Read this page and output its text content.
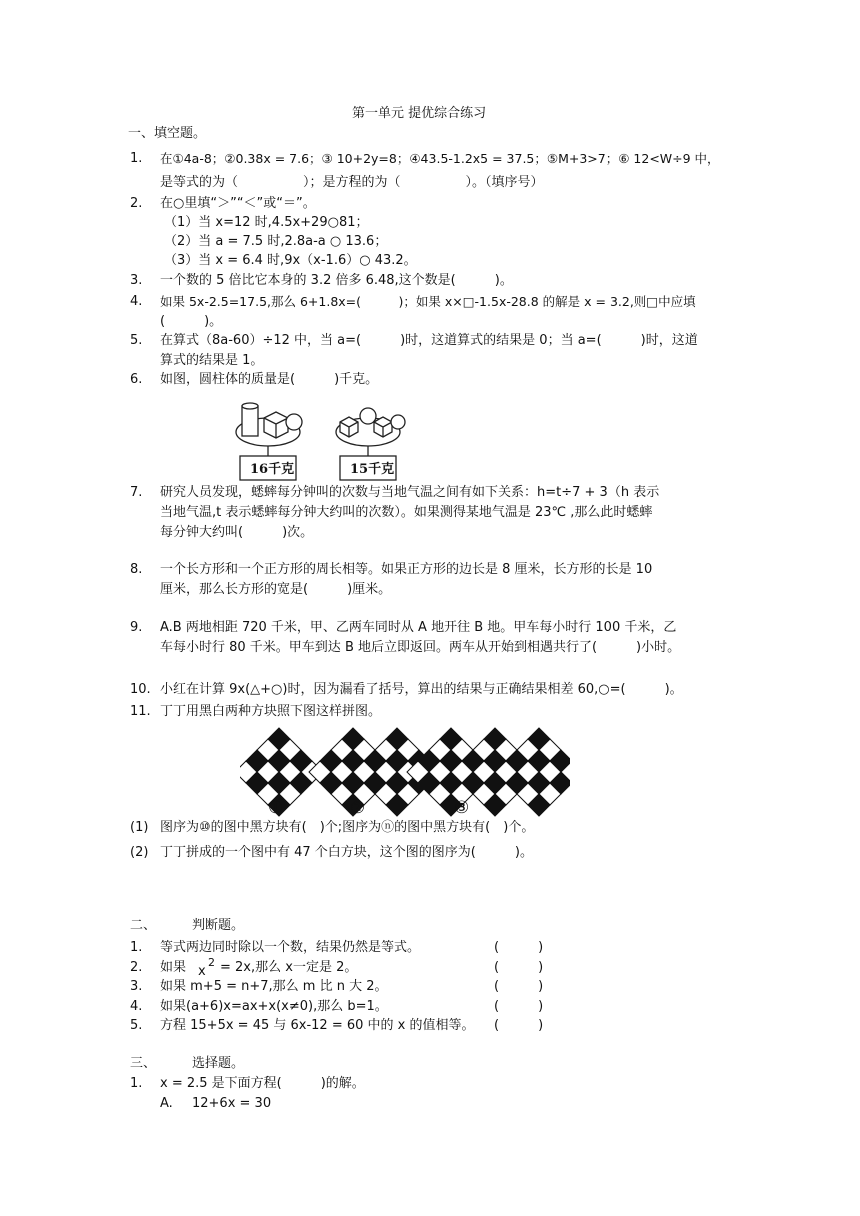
第一单元 提优综合练习
一、填空题。
1. 在①4a-8；②0.38x = 7.6；③ 10+2y=8；④43.5-1.2x5 = 37.5；⑤M+3>7；⑥ 12<W÷9 中，
是等式的为（　　　　　）；是方程的为（　　　　　）。（填序号）
2. 在○里填“＞”“＜”或“＝”。
（1）当 x=12 时,4.5x+29○81；
（2）当 a = 7.5 时,2.8a-a ○ 13.6；
（3）当 x = 6.4 时,9x（x-1.6）○ 43.2。
3. 一个数的 5 倍比它本身的 3.2 倍多 6.48,这个数是(　　　)。
4. 如果 5x-2.5=17.5,那么 6+1.8x=(　　　)；如果 x×□-1.5x-28.8 的解是 x = 3.2,则□中应填
(　　　)。
5. 在算式（8a-60）÷12 中，当 a=(　　　)时，这道算式的结果是 0；当 a=(　　　)时，这道
算式的结果是 1。
6. 如图，圆柱体的质量是(　　　)千克。
16千克	15千克
7. 研究人员发现，蟋蟀每分钟叫的次数与当地气温之间有如下关系：h=t÷7 + 3（h 表示
当地气温,t 表示蟋蟀每分钟大约叫的次数）。如果测得某地气温是 23℃ ,那么此时蟋蟀
每分钟大约叫(　　　)次。
8. 一个长方形和一个正方形的周长相等。如果正方形的边长是 8 厘米，长方形的长是 10
厘米，那么长方形的宽是(　　　)厘米。
9. A.B 两地相距 720 千米，甲、乙两车同时从 A 地开往 B 地。甲车每小时行 100 千米，乙
车每小时行 80 千米。甲车到达 B 地后立即返回。两车从开始到相遇共行了(　　　)小时。
10. 小红在计算 9x(△+○)时，因为漏看了括号，算出的结果与正确结果相差 60,○=(　　　)。
11. 丁丁用黑白两种方块照下图这样拼图。
……
①	②	③
(1) 图序为⑩的图中黑方块有(　)个;图序为ⓝ的图中黑方块有(　)个。
(2) 丁丁拼成的一个图中有 47 个白方块，这个图的图序为(　　　)。
二、	判断题。
1. 等式两边同时除以一个数，结果仍然是等式。	(　　　)
2. 如果 x
2 = 2x,那么 x一定是 2。	(　　　)
3. 如果 m+5 = n+7,那么 m 比 n 大 2。	(　　　)
4. 如果(a+6)x=ax+x(x≠0),那么 b=1。	(　　　)
5. 方程 15+5x = 45 与 6x-12 = 60 中的 x 的值相等。 (　　　)
三、	选择题。
1. x = 2.5 是下面方程(　　　)的解。
A. 12+6x = 30
